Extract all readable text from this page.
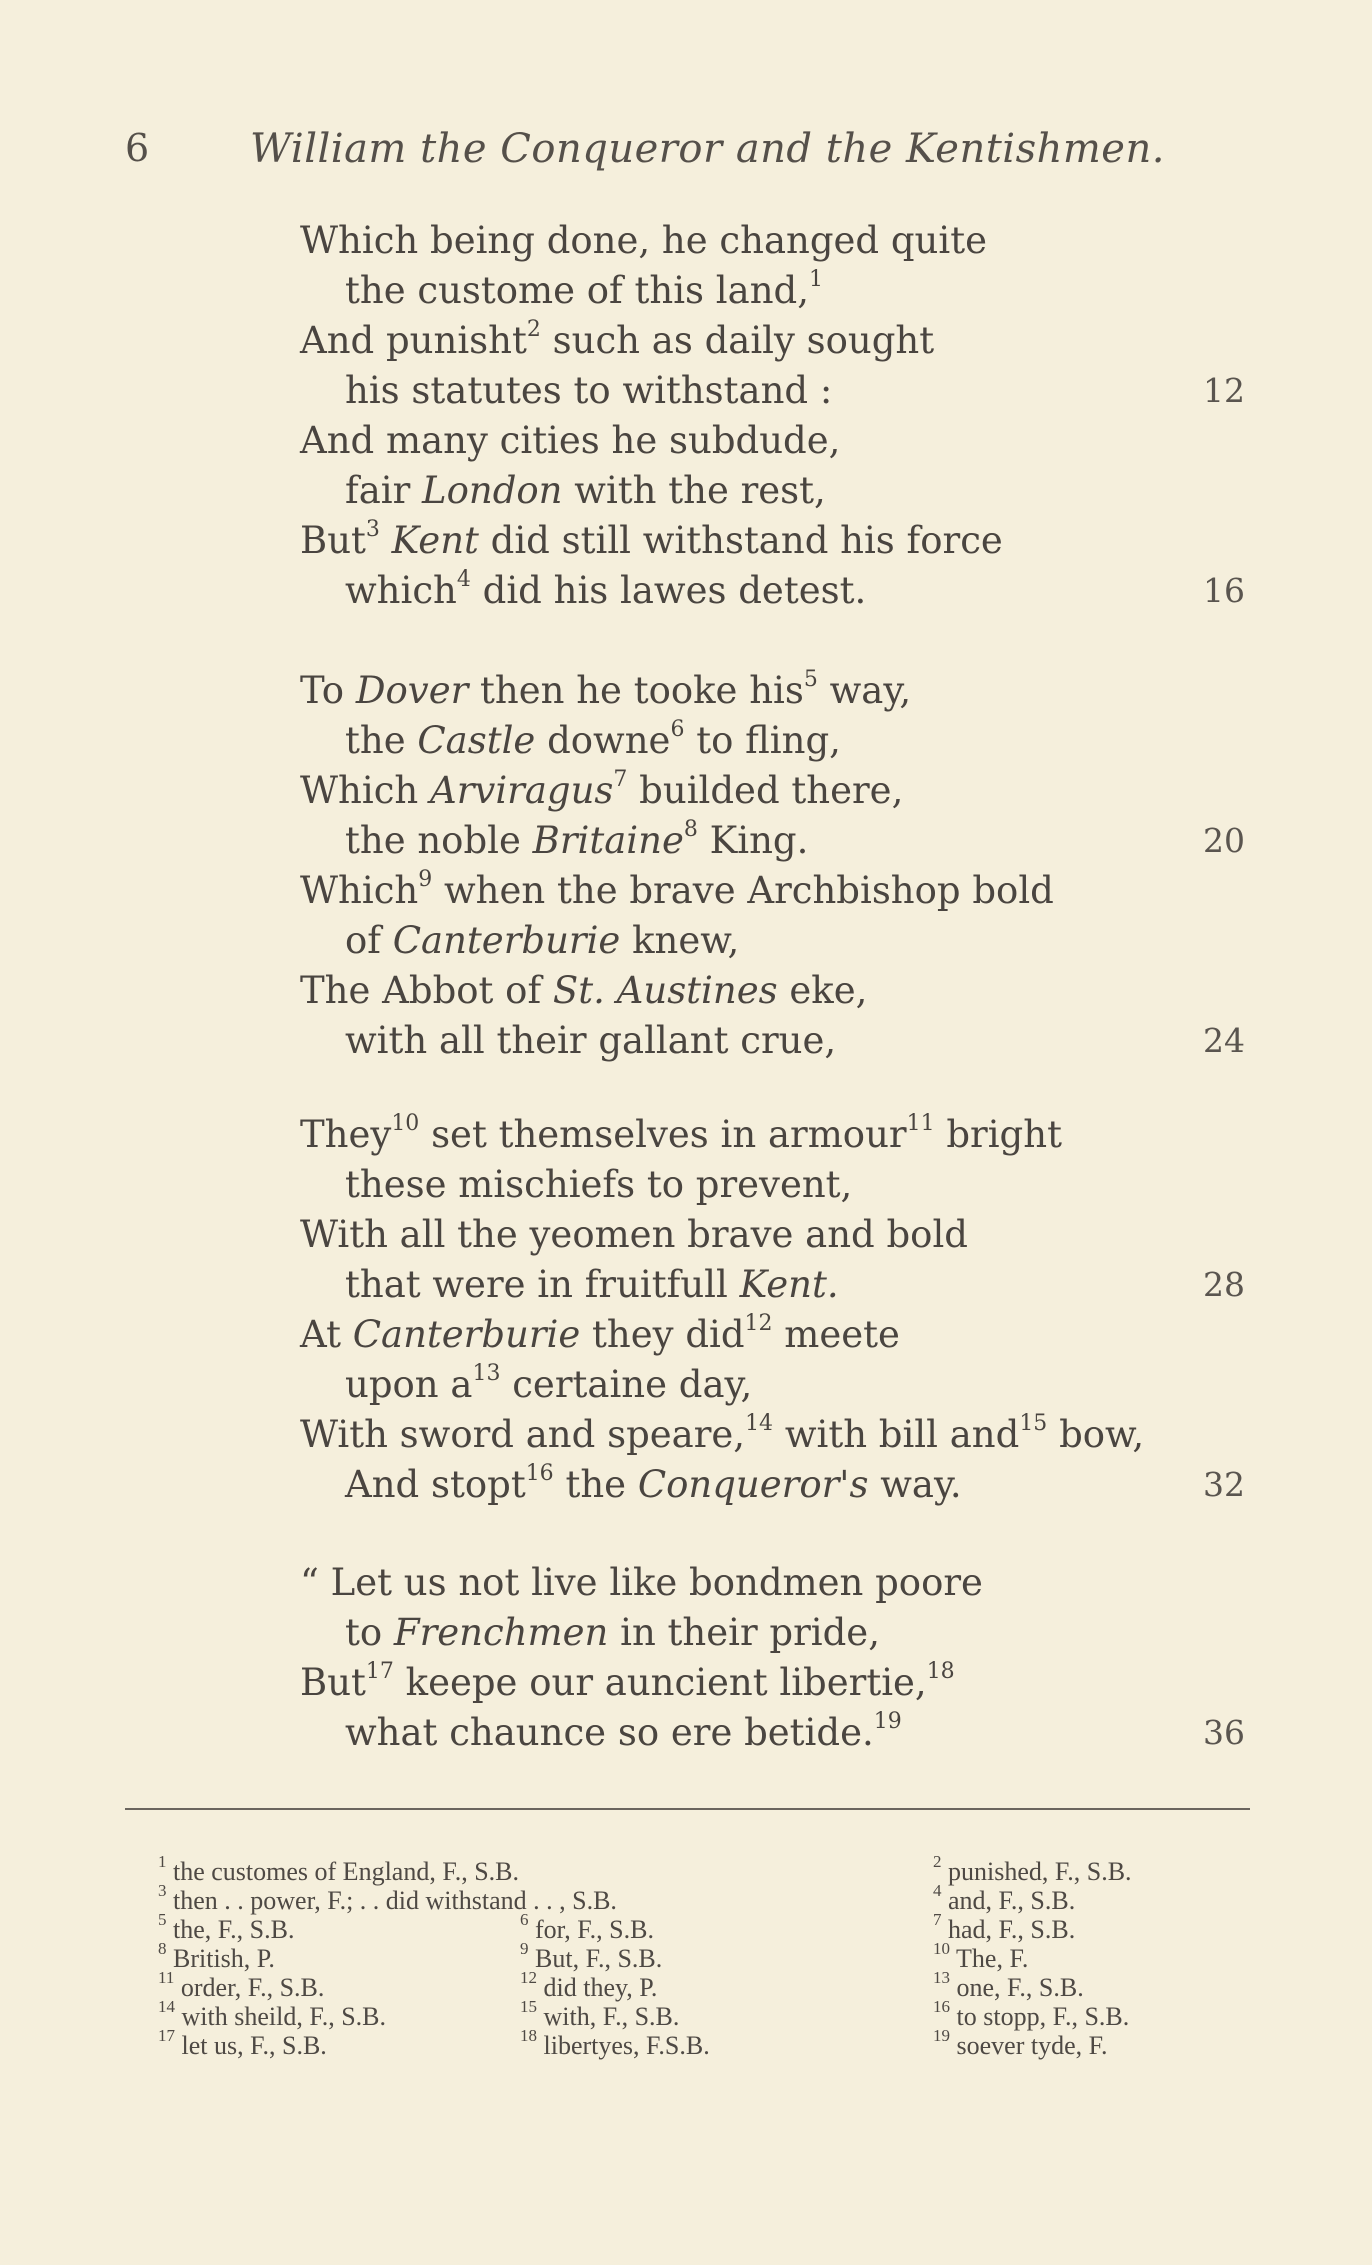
6	William the Conqueror and the Kentishmen.
Which being done, he changed quite
the custome of this land,$^1$
And punisht$^2$ such as daily sought
his statutes to withstand :	12
And many cities he subdude,
fair London with the rest,
But$^3$ Kent did still withstand his force
which$^4$ did his lawes detest.	16
To Dover then he tooke his$^5$ way,
the Castle downe$^6$ to fling,
Which Arviragus$^7$ builded there,
the noble Britaine$^8$ King.	20
Which$^9$ when the brave Archbishop bold
of Canterburie knew,
The Abbot of St. Austines eke,
with all their gallant crue,	24
They$^{10}$ set themselves in armour$^{11}$ bright
these mischiefs to prevent,
With all the yeomen brave and bold
that were in fruitfull Kent.	28
At Canterburie they did$^{12}$ meete
upon $a^{13}$ certaine day,
With sword and speare,$^{14}$ with bill and$^{15}$ bow,
And stopt$^{16}$ the Conqueror's way.	32
“ Let us not live like bondmen poore
to Frenchmen in their pride,
But$^{17}$ keepe our auncient libertie,$^{18}$
what chaunce so ere betide.$^{19}$	36
$^1$ the customes of England, F., S.B.	$^2$ punished, F., S.B.
$^3$ then . . power, F.; . . did withstand . . , S.B.	$^4$ and, F., S.B.
$^5$ the, F., S.B.	$^6$ for, F., S.B.	$^7$ had, F., S.B.
$^8$ British, P.	$^9$ But, F., S.B.	$^{10}$ The, F.
$^{11}$ order, F., S.B.	$^{12}$ did they, P.	$^{13}$ one, F., S.B.
$^{14}$ with sheild, F., S.B.	$^{15}$ with, F., S.B.	$^{16}$ to stopp, F., S.B.
$^{17}$ let us, F., S.B.	$^{18}$ libertyes, F.S.B.	$^{19}$ soever tyde, F.
